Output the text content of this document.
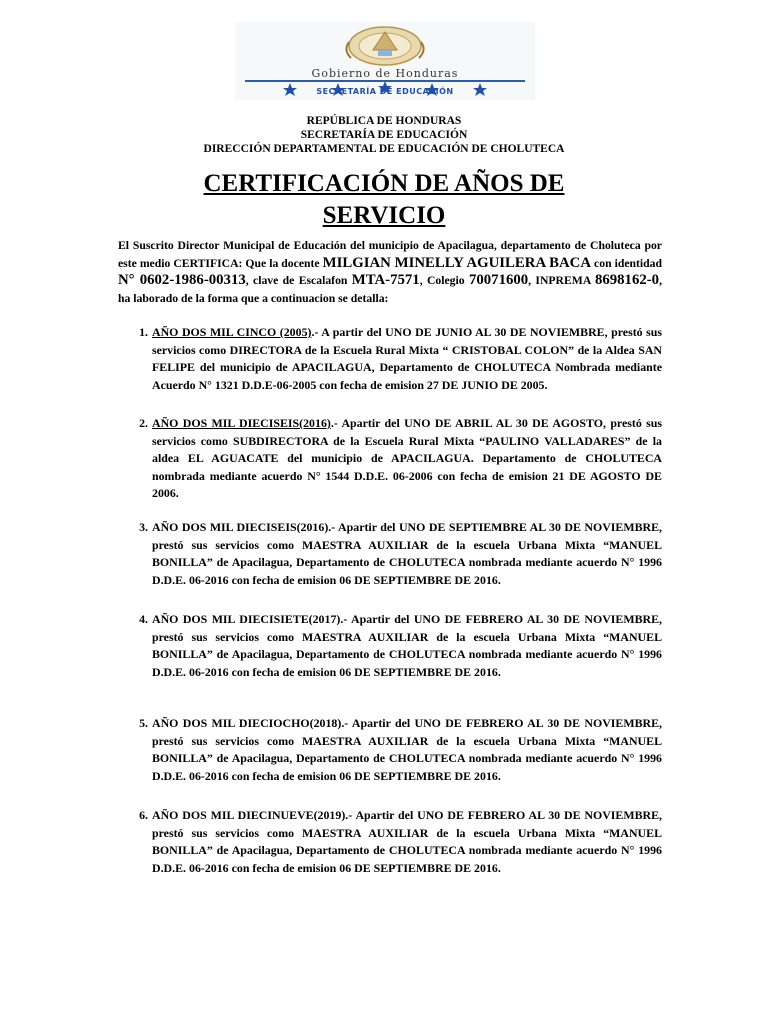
Gobierno de Honduras
SECRETARÍA DE EDUCACIÓN
REPÚBLICA DE HONDURAS
SECRETARÍA DE EDUCACIÓN
DIRECCIÓN DEPARTAMENTAL DE EDUCACIÓN DE CHOLUTECA
CERTIFICACIÓN DE AÑOS DE
SERVICIO
El Suscrito Director Municipal de Educación del municipio de Apacilagua, departamento de Choluteca por este medio CERTIFICA: Que la docente MILGIAN MINELLY AGUILERA BACA con identidad N° 0602-1986-00313, clave de Escalafon MTA-7571, Colegio 70071600, INPREMA 8698162-0, ha laborado de la forma que a continuacion se detalla:
1. AÑO DOS MIL CINCO (2005).- A partir del UNO DE JUNIO AL 30 DE NOVIEMBRE, prestó sus servicios como DIRECTORA de la Escuela Rural Mixta “ CRISTOBAL COLON” de la Aldea SAN FELIPE del municipio de APACILAGUA, Departamento de CHOLUTECA Nombrada mediante Acuerdo N° 1321 D.D.E-06-2005 con fecha de emision 27 DE JUNIO DE 2005.
2. AÑO DOS MIL DIECISEIS(2016).- Apartir del UNO DE ABRIL AL 30 DE AGOSTO, prestó sus servicios como SUBDIRECTORA de la Escuela Rural Mixta “PAULINO VALLADARES” de la aldea EL AGUACATE del municipio de APACILAGUA. Departamento de CHOLUTECA nombrada mediante acuerdo N° 1544 D.D.E. 06-2006 con fecha de emision 21 DE AGOSTO DE 2006.
3. AÑO DOS MIL DIECISEIS(2016).- Apartir del UNO DE SEPTIEMBRE AL 30 DE NOVIEMBRE, prestó sus servicios como MAESTRA AUXILIAR de la escuela Urbana Mixta “MANUEL BONILLA” de Apacilagua, Departamento de CHOLUTECA nombrada mediante acuerdo N° 1996 D.D.E. 06-2016 con fecha de emision 06 DE SEPTIEMBRE DE 2016.
4. AÑO DOS MIL DIECISIETE(2017).- Apartir del UNO DE FEBRERO AL 30 DE NOVIEMBRE, prestó sus servicios como MAESTRA AUXILIAR de la escuela Urbana Mixta “MANUEL BONILLA” de Apacilagua, Departamento de CHOLUTECA nombrada mediante acuerdo N° 1996 D.D.E. 06-2016 con fecha de emision 06 DE SEPTIEMBRE DE 2016.
5. AÑO DOS MIL DIECIOCHO(2018).- Apartir del UNO DE FEBRERO AL 30 DE NOVIEMBRE, prestó sus servicios como MAESTRA AUXILIAR de la escuela Urbana Mixta “MANUEL BONILLA” de Apacilagua, Departamento de CHOLUTECA nombrada mediante acuerdo N° 1996 D.D.E. 06-2016 con fecha de emision 06 DE SEPTIEMBRE DE 2016.
6. AÑO DOS MIL DIECINUEVE(2019).- Apartir del UNO DE FEBRERO AL 30 DE NOVIEMBRE, prestó sus servicios como MAESTRA AUXILIAR de la escuela Urbana Mixta “MANUEL BONILLA” de Apacilagua, Departamento de CHOLUTECA nombrada mediante acuerdo N° 1996 D.D.E. 06-2016 con fecha de emision 06 DE SEPTIEMBRE DE 2016.
